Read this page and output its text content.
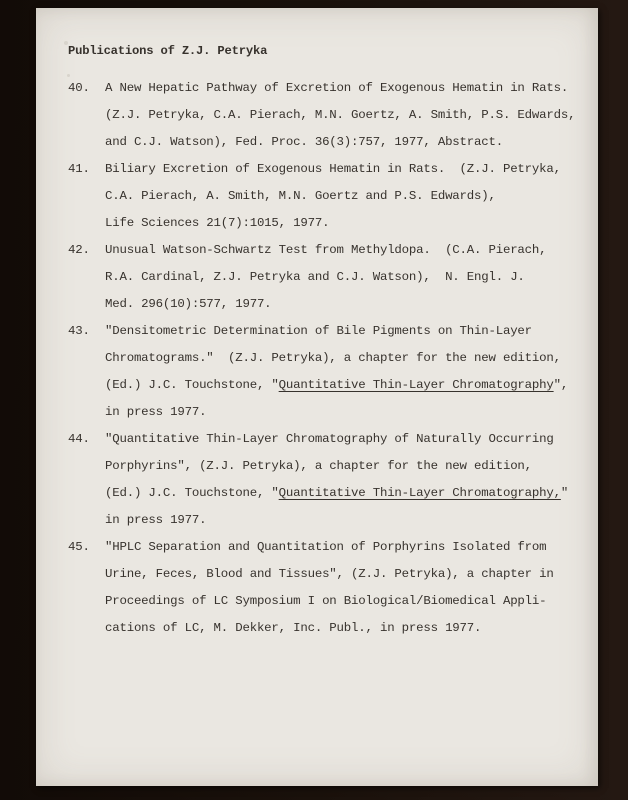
Publications of Z.J. Petryka
40.	A New Hepatic Pathway of Excretion of Exogenous Hematin in Rats.
(Z.J. Petryka, C.A. Pierach, M.N. Goertz, A. Smith, P.S. Edwards,
and C.J. Watson), Fed. Proc. 36(3):757, 1977, Abstract.
41.	Biliary Excretion of Exogenous Hematin in Rats.  (Z.J. Petryka,
C.A. Pierach, A. Smith, M.N. Goertz and P.S. Edwards),
Life Sciences 21(7):1015, 1977.
42.	Unusual Watson-Schwartz Test from Methyldopa.  (C.A. Pierach,
R.A. Cardinal, Z.J. Petryka and C.J. Watson),  N. Engl. J.
Med. 296(10):577, 1977.
43.	"Densitometric Determination of Bile Pigments on Thin-Layer
Chromatograms."  (Z.J. Petryka), a chapter for the new edition,
(Ed.) J.C. Touchstone, "Quantitative Thin-Layer Chromatography",
in press 1977.
44.	"Quantitative Thin-Layer Chromatography of Naturally Occurring
Porphyrins", (Z.J. Petryka), a chapter for the new edition,
(Ed.) J.C. Touchstone, "Quantitative Thin-Layer Chromatography,"
in press 1977.
45.	"HPLC Separation and Quantitation of Porphyrins Isolated from
Urine, Feces, Blood and Tissues", (Z.J. Petryka), a chapter in
Proceedings of LC Symposium I on Biological/Biomedical Appli-
cations of LC, M. Dekker, Inc. Publ., in press 1977.
